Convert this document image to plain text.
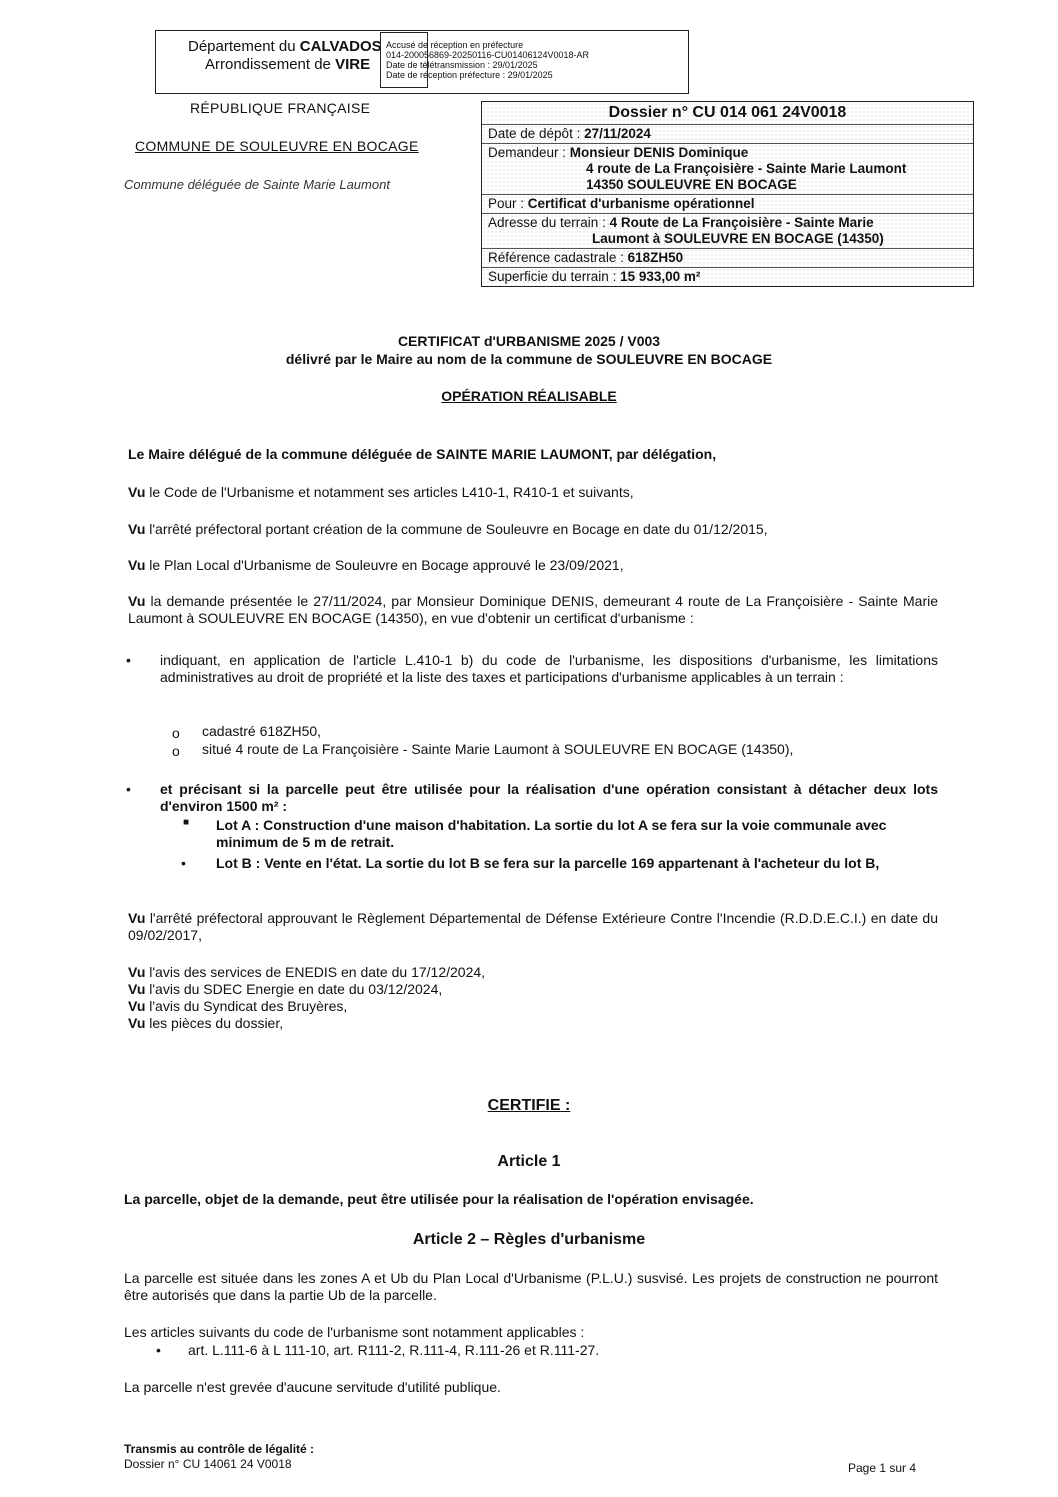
Département du CALVADOS
Arrondissement de VIRE
Accusé de réception en préfecture
014-200056869-20250116-CU01406124V0018-AR
Date de télétransmission : 29/01/2025
Date de réception préfecture : 29/01/2025
RÉPUBLIQUE FRANÇAISE
COMMUNE DE SOULEUVRE EN BOCAGE
Commune déléguée de Sainte Marie Laumont
Dossier n° CU 014 061 24V0018
Date de dépôt : 27/11/2024
Demandeur : Monsieur DENIS Dominique
4 route de La Françoisière - Sainte Marie Laumont
14350 SOULEUVRE EN BOCAGE
Pour : Certificat d'urbanisme opérationnel
Adresse du terrain : 4 Route de La Françoisière - Sainte Marie
Laumont à SOULEUVRE EN BOCAGE (14350)
Référence cadastrale : 618ZH50
Superficie du terrain : 15 933,00 m²
CERTIFICAT d'URBANISME 2025 / V003
délivré par le Maire au nom de la commune de SOULEUVRE EN BOCAGE
OPÉRATION RÉALISABLE
Le Maire délégué de la commune déléguée de SAINTE MARIE LAUMONT, par délégation,
Vu le Code de l'Urbanisme et notamment ses articles L410-1, R410-1 et suivants,
Vu l'arrêté préfectoral portant création de la commune de Souleuvre en Bocage en date du 01/12/2015,
Vu le Plan Local d'Urbanisme de Souleuvre en Bocage approuvé le 23/09/2021,
Vu la demande présentée le 27/11/2024, par Monsieur Dominique DENIS, demeurant 4 route de La Françoisière - Sainte Marie Laumont à SOULEUVRE EN BOCAGE (14350), en vue d'obtenir un certificat d'urbanisme :
• indiquant, en application de l'article L.410-1 b) du code de l'urbanisme, les dispositions d'urbanisme, les limitations administratives au droit de propriété et la liste des taxes et participations d'urbanisme applicables à un terrain :
o cadastré 618ZH50,
o situé 4 route de La Françoisière - Sainte Marie Laumont à SOULEUVRE EN BOCAGE (14350),
• et précisant si la parcelle peut être utilisée pour la réalisation d'une opération consistant à détacher deux lots d'environ 1500 m² :
■ Lot A : Construction d'une maison d'habitation. La sortie du lot A se fera sur la voie communale avec minimum de 5 m de retrait.
• Lot B : Vente en l'état. La sortie du lot B se fera sur la parcelle 169 appartenant à l'acheteur du lot B,
Vu l'arrêté préfectoral approuvant le Règlement Départemental de Défense Extérieure Contre l'Incendie (R.D.D.E.C.I.) en date du 09/02/2017,
Vu l'avis des services de ENEDIS en date du 17/12/2024,
Vu l'avis du SDEC Energie en date du 03/12/2024,
Vu l'avis du Syndicat des Bruyères,
Vu les pièces du dossier,
CERTIFIE :
Article 1
La parcelle, objet de la demande, peut être utilisée pour la réalisation de l'opération envisagée.
Article 2 – Règles d'urbanisme
La parcelle est située dans les zones A et Ub du Plan Local d'Urbanisme (P.L.U.) susvisé. Les projets de construction ne pourront être autorisés que dans la partie Ub de la parcelle.
Les articles suivants du code de l'urbanisme sont notamment applicables :
• art. L.111-6 à L 111-10, art. R111-2, R.111-4, R.111-26 et R.111-27.
La parcelle n'est grevée d'aucune servitude d'utilité publique.
Transmis au contrôle de légalité :
Dossier n° CU 14061 24 V0018	Page 1 sur 4
